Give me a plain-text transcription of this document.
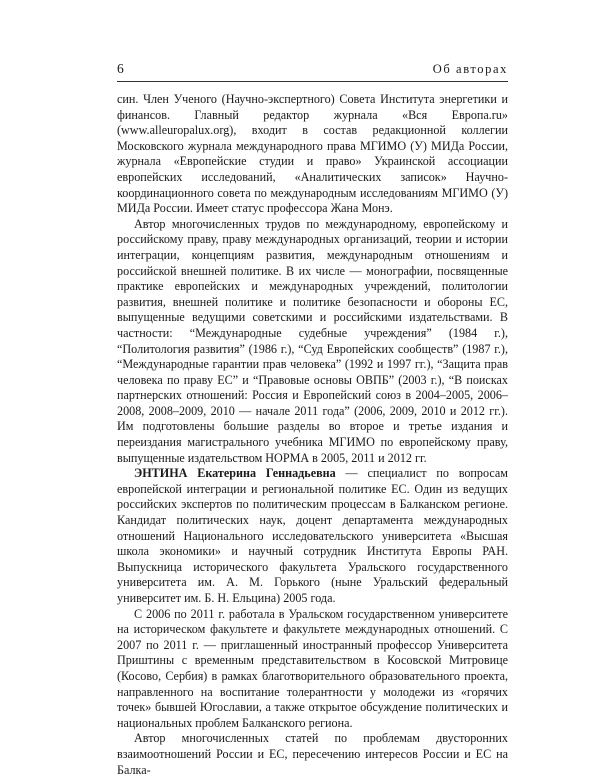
6	Об авторах

син. Член Ученого (Научно-экспертного) Совета Института энергетики и финансов. Главный редактор журнала «Вся Европа.ru» (www.alleuropalux.org), входит в состав редакционной коллегии Московского журнала международного права МГИМО (У) МИДа России, журнала «Европейские студии и право» Украинской ассоциации европейских исследований, «Аналитических записок» Научно-координационного совета по международным исследованиям МГИМО (У) МИДа России. Имеет статус профессора Жана Монэ.

Автор многочисленных трудов по международному, европейскому и российскому праву, праву международных организаций, теории и истории интеграции, концепциям развития, международным отношениям и российской внешней политике. В их числе — монографии, посвященные практике европейских и международных учреждений, политологии развития, внешней политике и политике безопасности и обороны ЕС, выпущенные ведущими советскими и российскими издательствами. В частности: “Международные судебные учреждения” (1984 г.), “Политология развития” (1986 г.), “Суд Европейских сообществ” (1987 г.), “Международные гарантии прав человека” (1992 и 1997 гг.), “Защита прав человека по праву ЕС” и “Правовые основы ОВПБ” (2003 г.), “В поисках партнерских отношений: Россия и Европейский союз в 2004–2005, 2006–2008, 2008–2009, 2010 — начале 2011 года” (2006, 2009, 2010 и 2012 гг.). Им подготовлены большие разделы во второе и третье издания и переиздания магистрального учебника МГИМО по европейскому праву, выпущенные издательством НОРМА в 2005, 2011 и 2012 гг.

ЭНТИНА Екатерина Геннадьевна — специалист по вопросам европейской интеграции и региональной политике ЕС. Один из ведущих российских экспертов по политическим процессам в Балканском регионе. Кандидат политических наук, доцент департамента международных отношений Национального исследовательского университета «Высшая школа экономики» и научный сотрудник Института Европы РАН. Выпускница исторического факультета Уральского государственного университета им. А. М. Горького (ныне Уральский федеральный университет им. Б. Н. Ельцина) 2005 года.

С 2006 по 2011 г. работала в Уральском государственном университете на историческом факультете и факультете международных отношений. С 2007 по 2011 г. — приглашенный иностранный профессор Университета Приштины с временным представительством в Косовской Митровице (Косово, Сербия) в рамках благотворительного образовательного проекта, направленного на воспитание толерантности у молодежи из «горячих точек» бывшей Югославии, а также открытое обсуждение политических и национальных проблем Балканского региона.

Автор многочисленных статей по проблемам двусторонних взаимоотношений России и ЕС, пересечению интересов России и ЕС на Балка-
